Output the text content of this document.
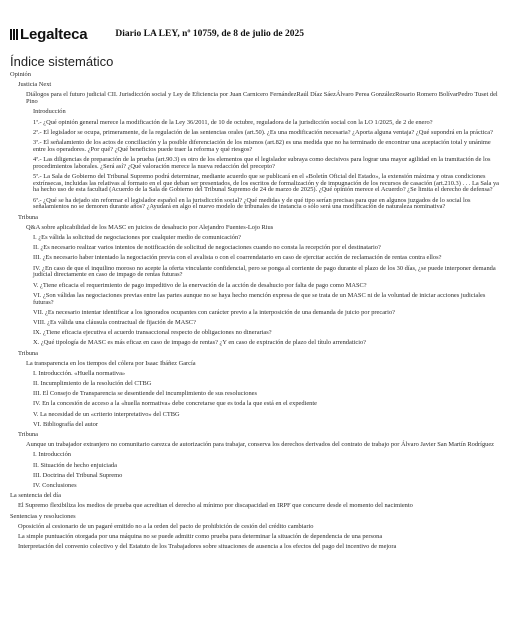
Legalteca	Diario LA LEY, nº 10759, de 8 de julio de 2025
Índice sistemático
Opinión
Justicia Next
Diálogos para el futuro judicial CII. Jurisdicción social y Ley de Eficiencia por Juan Carnicero FernándezRaúl Díaz SáezÁlvaro Perea GonzálezRosario Romero BolívarPedro Tuset del Pino
Introducción
1ª.- ¿Qué opinión general merece la modificación de la Ley 36/2011, de 10 de octubre, reguladora de la jurisdicción social con la LO 1/2025, de 2 de enero?
2ª.- El legislador se ocupa, primeramente, de la regulación de las sentencias orales (art.50). ¿Es una modificación necesaria? ¿Aporta alguna ventaja? ¿Qué supondrá en la práctica?
3ª.- El señalamiento de los actos de conciliación y la posible diferenciación de los mismos (art.82) es una medida que no ha terminado de encontrar una aceptación total y unánime entre los operadores. ¿Por qué? ¿Qué beneficios puede traer la reforma y qué riesgos?
4ª.- Las diligencias de preparación de la prueba (art.90.3) es otro de los elementos que el legislador subraya como decisivos para lograr una mayor agilidad en la tramitación de los procedimientos laborales. ¿Será así? ¿Qué valoración merece la nueva redacción del precepto?
5ª.- La Sala de Gobierno del Tribunal Supremo podrá determinar, mediante acuerdo que se publicará en el «Boletín Oficial del Estado», la extensión máxima y otras condiciones extrínsecas, incluidas las relativas al formato en el que deban ser presentados, de los escritos de formalización y de impugnación de los recursos de casación (art.210.3) . . . La Sala ya ha hecho uso de esta facultad (Acuerdo de la Sala de Gobierno del Tribunal Supremo de 24 de marzo de 2025). ¿Qué opinión merece el Acuerdo? ¿Se limita el derecho de defensa?
6ª.- ¿Qué se ha dejado sin reformar el legislador español en la jurisdicción social? ¿Qué medidas y de qué tipo serían precisas para que en algunos juzgados de lo social los señalamientos no se demoren durante años? ¿Ayudará en algo el nuevo modelo de tribunales de instancia o sólo será una modificación de naturaleza nominativa?
Tribuna
Q&A sobre aplicabilidad de los MASC en juicios de desahucio por Alejandro Fuentes-Lojo Rius
I. ¿Es válida la solicitud de negociaciones por cualquier medio de comunicación?
II. ¿Es necesario realizar varios intentos de notificación de solicitud de negociaciones cuando no consta la recepción por el destinatario?
III. ¿Es necesario haber intentado la negociación previa con el avalista o con el coarrendatario en caso de ejercitar acción de reclamación de rentas contra ellos?
IV. ¿En caso de que el inquilino moroso no acepte la oferta vinculante confidencial, pero se ponga al corriente de pago durante el plazo de los 30 días, ¿se puede interponer demanda judicial directamente en caso de impago de rentas futuras?
V. ¿Tiene eficacia el requerimiento de pago impeditivo de la enervación de la acción de desahucio por falta de pago como MASC?
VI. ¿Son válidas las negociaciones previas entre las partes aunque no se haya hecho mención expresa de que se trata de un MASC ni de la voluntad de iniciar acciones judiciales futuras?
VII. ¿Es necesario intentar identificar a los ignorados ocupantes con carácter previo a la interposición de una demanda de juicio por precario?
VIII. ¿Es válida una cláusula contractual de fijación de MASC?
IX. ¿Tiene eficacia ejecutiva el acuerdo transaccional respecto de obligaciones no dinerarias?
X. ¿Qué tipología de MASC es más eficaz en caso de impago de rentas? ¿Y en caso de expiración de plazo del título arrendaticio?
Tribuna
La transparencia en los tiempos del cólera por Isaac Ibáñez García
I. Introducción. «Huella normativa»
II. Incumplimiento de la resolución del CTBG
III. El Consejo de Transparencia se desentiende del incumplimiento de sus resoluciones
IV. En la concesión de acceso a la «huella normativa» debe concretarse que es toda la que está en el expediente
V. La necesidad de un «criterio interpretativo» del CTBG
VI. Bibliografía del autor
Tribuna
Aunque un trabajador extranjero no comunitario carezca de autorización para trabajar, conserva los derechos derivados del contrato de trabajo por Álvaro Javier San Martín Rodríguez
I. Introducción
II. Situación de hecho enjuiciada
III. Doctrina del Tribunal Supremo
IV. Conclusiones
La sentencia del día
El Supremo flexibiliza los medios de prueba que acreditan el derecho al mínimo por discapacidad en IRPF que concurre desde el momento del nacimiento
Sentencias y resoluciones
Oposición al cesionario de un pagaré emitido no a la orden del pacto de prohibición de cesión del crédito cambiario
La simple puntuación otorgada por una máquina no se puede admitir como prueba para determinar la situación de dependencia de una persona
Interpretación del convenio colectivo y del Estatuto de los Trabajadores sobre situaciones de ausencia a los efectos del pago del incentivo de mejora
